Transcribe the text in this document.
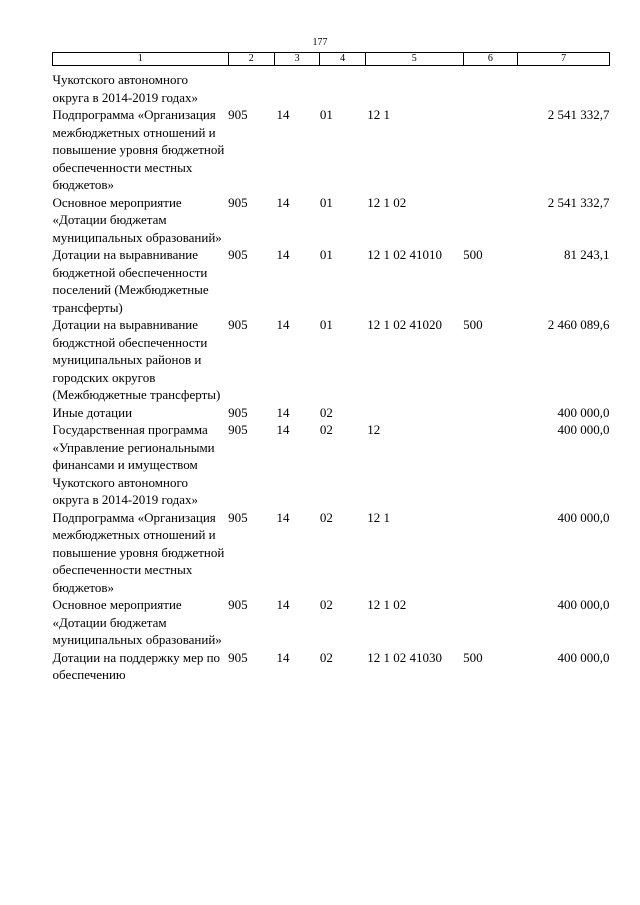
177
1	2	3	4	5	6	7
Чукотского автономного округа в 2014-2019 годах»						
Подпрограмма «Организация межбюджетных отношений и повышение уровня бюджетной обеспеченности местных бюджетов»	905	14	01	12 1		2 541 332,7
Основное мероприятие «Дотации бюджетам муниципальных образований»	905	14	01	12 1 02		2 541 332,7
Дотации на выравнивание бюджетной обеспеченности поселений (Межбюджетные трансферты)	905	14	01	12 1 02 41010	500	81 243,1
Дотации на выравнивание бюджстной обеспеченности муниципальных районов и городских округов (Межбюджетные трансферты)	905	14	01	12 1 02 41020	500	2 460 089,6
Иные дотации	905	14	02			400 000,0
Государственная программа «Управление региональными финансами и имуществом Чукотского автономного округа в 2014-2019 годах»	905	14	02	12		400 000,0
Подпрограмма «Организация межбюджетных отношений и повышение уровня бюджетной обеспеченности местных бюджетов»	905	14	02	12 1		400 000,0
Основное мероприятие «Дотации бюджетам муниципальных образований»	905	14	02	12 1 02		400 000,0
Дотации на поддержку мер по обеспечению	905	14	02	12 1 02 41030	500	400 000,0
